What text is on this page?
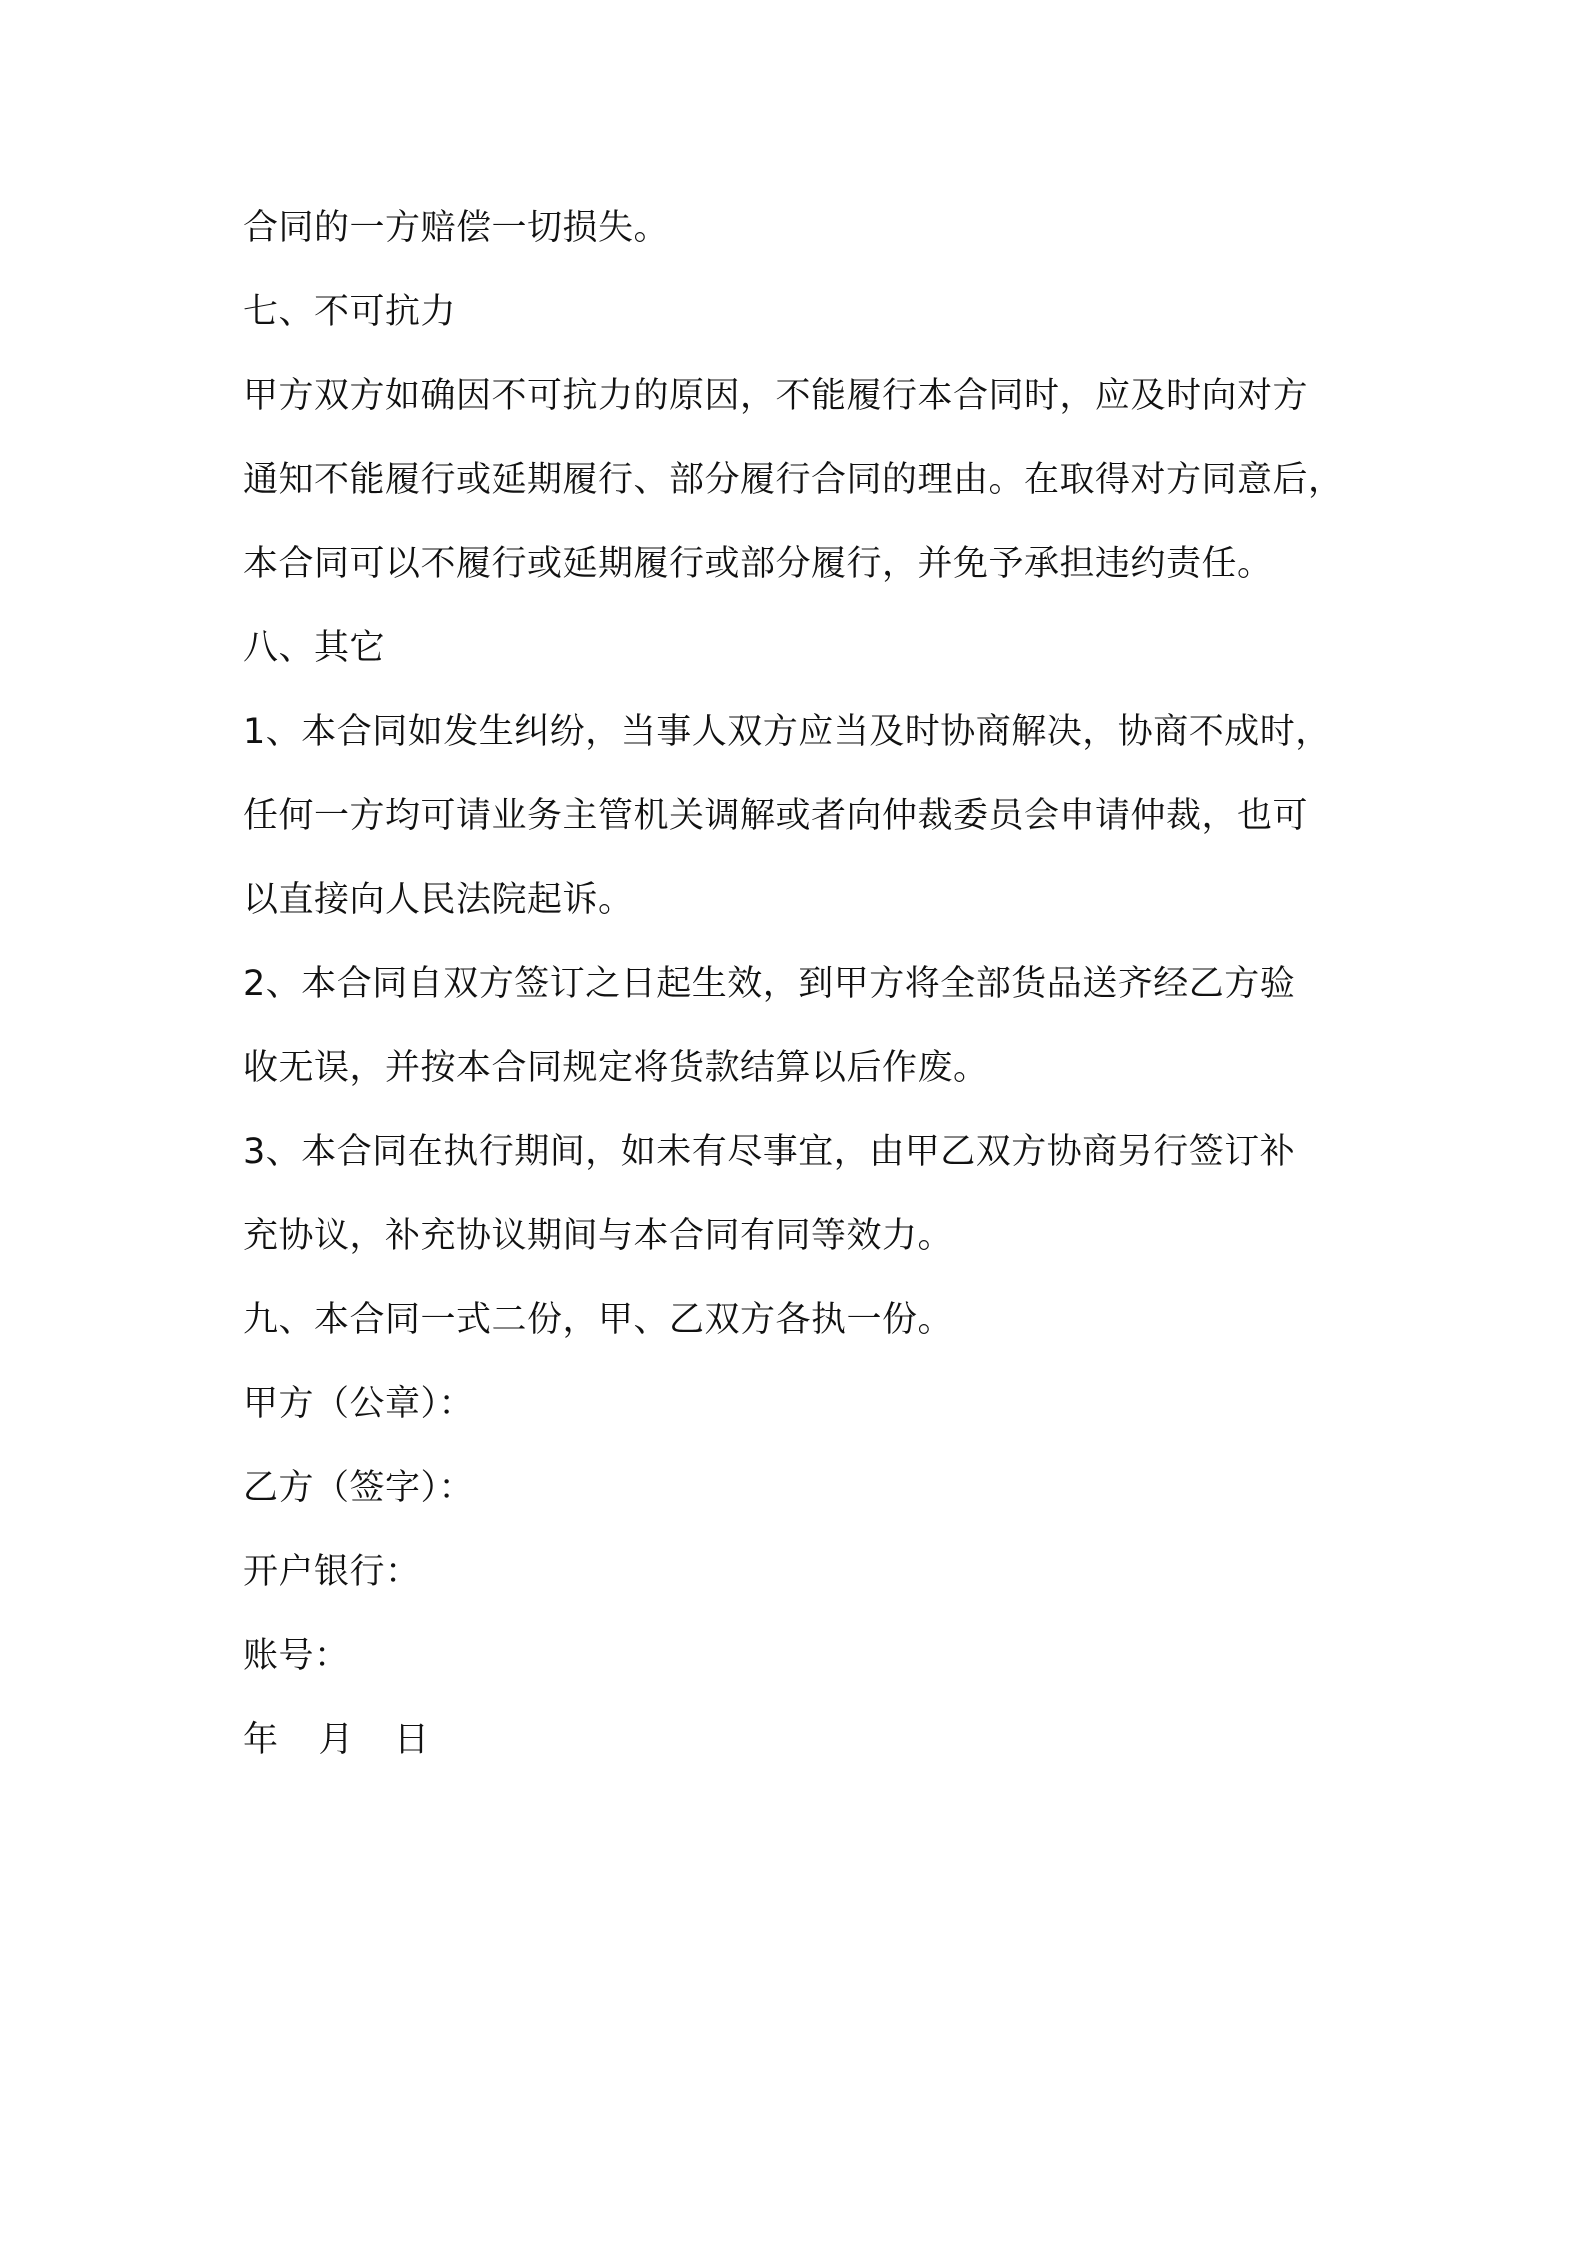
合同的一方赔偿一切损失。
七、不可抗力
甲方双方如确因不可抗力的原因，不能履行本合同时，应及时向对方
通知不能履行或延期履行、部分履行合同的理由。在取得对方同意后，
本合同可以不履行或延期履行或部分履行，并免予承担违约责任。
八、其它
1、本合同如发生纠纷，当事人双方应当及时协商解决，协商不成时，
任何一方均可请业务主管机关调解或者向仲裁委员会申请仲裁，也可
以直接向人民法院起诉。
2、本合同自双方签订之日起生效，到甲方将全部货品送齐经乙方验
收无误，并按本合同规定将货款结算以后作废。
3、本合同在执行期间，如未有尽事宜，由甲乙双方协商另行签订补
充协议，补充协议期间与本合同有同等效力。
九、本合同一式二份，甲、乙双方各执一份。
甲方（公章）：
乙方（签字）：
开户银行：
账号：
年 月 日
